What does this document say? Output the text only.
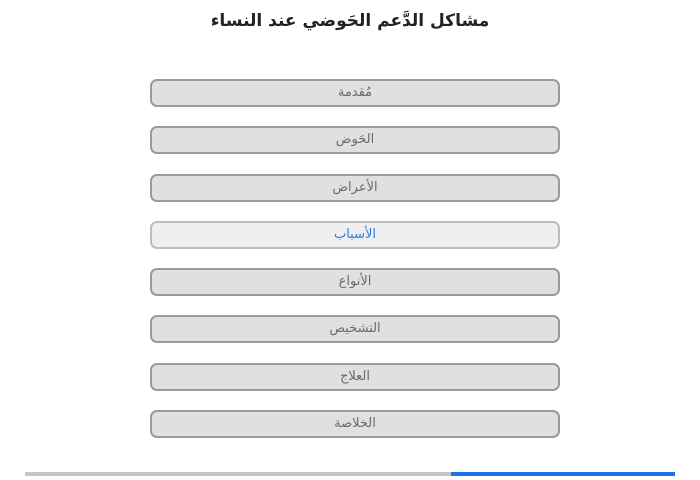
مشاكل الدَّعم الحَوضي عند النساء
مُقدمة
الحَوض
الأعراض
الأسباب
الأنواع
التشخيص
العلاج
الخلاصة
